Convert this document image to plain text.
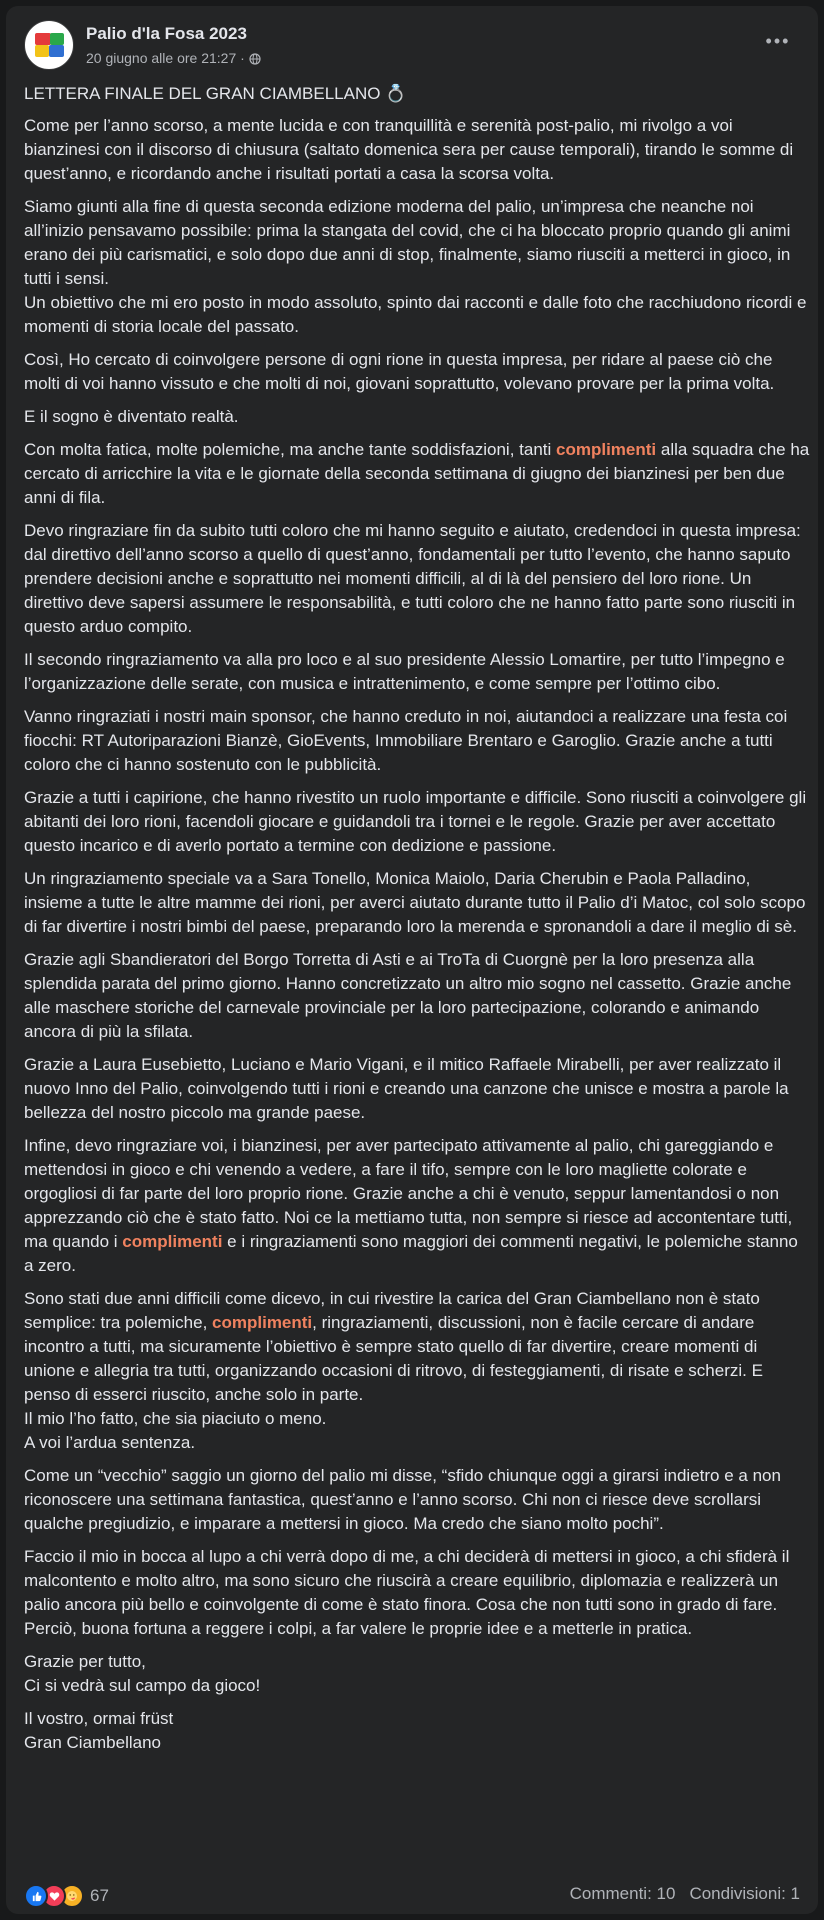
Palio d'la Fosa 2023
20 giugno alle ore 21:27 ·
•••

LETTERA FINALE DEL GRAN CIAMBELLANO 💍

Come per l’anno scorso, a mente lucida e con tranquillità e serenità post-palio, mi rivolgo a voi bianzinesi con il discorso di chiusura (saltato domenica sera per cause temporali), tirando le somme di quest’anno, e ricordando anche i risultati portati a casa la scorsa volta.

Siamo giunti alla fine di questa seconda edizione moderna del palio, un’impresa che neanche noi all’inizio pensavamo possibile: prima la stangata del covid, che ci ha bloccato proprio quando gli animi erano dei più carismatici, e solo dopo due anni di stop, finalmente, siamo riusciti a metterci in gioco, in tutti i sensi.
Un obiettivo che mi ero posto in modo assoluto, spinto dai racconti e dalle foto che racchiudono ricordi e momenti di storia locale del passato.

Così, Ho cercato di coinvolgere persone di ogni rione in questa impresa, per ridare al paese ciò che molti di voi hanno vissuto e che molti di noi, giovani soprattutto, volevano provare per la prima volta.

E il sogno è diventato realtà.

Con molta fatica, molte polemiche, ma anche tante soddisfazioni, tanti complimenti alla squadra che ha cercato di arricchire la vita e le giornate della seconda settimana di giugno dei bianzinesi per ben due anni di fila.

Devo ringraziare fin da subito tutti coloro che mi hanno seguito e aiutato, credendoci in questa impresa: dal direttivo dell’anno scorso a quello di quest’anno, fondamentali per tutto l’evento, che hanno saputo prendere decisioni anche e soprattutto nei momenti difficili, al di là del pensiero del loro rione. Un direttivo deve sapersi assumere le responsabilità, e tutti coloro che ne hanno fatto parte sono riusciti in questo arduo compito.

Il secondo ringraziamento va alla pro loco e al suo presidente Alessio Lomartire, per tutto l’impegno e l’organizzazione delle serate, con musica e intrattenimento, e come sempre per l’ottimo cibo.

Vanno ringraziati i nostri main sponsor, che hanno creduto in noi, aiutandoci a realizzare una festa coi fiocchi: RT Autoriparazioni Bianzè, GioEvents, Immobiliare Brentaro e Garoglio. Grazie anche a tutti coloro che ci hanno sostenuto con le pubblicità.

Grazie a tutti i capirione, che hanno rivestito un ruolo importante e difficile. Sono riusciti a coinvolgere gli abitanti dei loro rioni, facendoli giocare e guidandoli tra i tornei e le regole. Grazie per aver accettato questo incarico e di averlo portato a termine con dedizione e passione.

Un ringraziamento speciale va a Sara Tonello, Monica Maiolo, Daria Cherubin e Paola Palladino, insieme a tutte le altre mamme dei rioni, per averci aiutato durante tutto il Palio d’i Matoc, col solo scopo di far divertire i nostri bimbi del paese, preparando loro la merenda e spronandoli a dare il meglio di sè.

Grazie agli Sbandieratori del Borgo Torretta di Asti e ai TroTa di Cuorgnè per la loro presenza alla splendida parata del primo giorno. Hanno concretizzato un altro mio sogno nel cassetto. Grazie anche alle maschere storiche del carnevale provinciale per la loro partecipazione, colorando e animando ancora di più la sfilata.

Grazie a Laura Eusebietto, Luciano e Mario Vigani, e il mitico Raffaele Mirabelli, per aver realizzato il nuovo Inno del Palio, coinvolgendo tutti i rioni e creando una canzone che unisce e mostra a parole la bellezza del nostro piccolo ma grande paese.

Infine, devo ringraziare voi, i bianzinesi, per aver partecipato attivamente al palio, chi gareggiando e mettendosi in gioco e chi venendo a vedere, a fare il tifo, sempre con le loro magliette colorate e orgogliosi di far parte del loro proprio rione. Grazie anche a chi è venuto, seppur lamentandosi o non apprezzando ciò che è stato fatto. Noi ce la mettiamo tutta, non sempre si riesce ad accontentare tutti, ma quando i complimenti e i ringraziamenti sono maggiori dei commenti negativi, le polemiche stanno a zero.

Sono stati due anni difficili come dicevo, in cui rivestire la carica del Gran Ciambellano non è stato semplice: tra polemiche, complimenti, ringraziamenti, discussioni, non è facile cercare di andare incontro a tutti, ma sicuramente l’obiettivo è sempre stato quello di far divertire, creare momenti di unione e allegria tra tutti, organizzando occasioni di ritrovo, di festeggiamenti, di risate e scherzi. E penso di esserci riuscito, anche solo in parte.
Il mio l’ho fatto, che sia piaciuto o meno.
A voi l’ardua sentenza.

Come un “vecchio” saggio un giorno del palio mi disse, “sfido chiunque oggi a girarsi indietro e a non riconoscere una settimana fantastica, quest’anno e l’anno scorso. Chi non ci riesce deve scrollarsi qualche pregiudizio, e imparare a mettersi in gioco. Ma credo che siano molto pochi”.

Faccio il mio in bocca al lupo a chi verrà dopo di me, a chi deciderà di mettersi in gioco, a chi sfiderà il malcontento e molto altro, ma sono sicuro che riuscirà a creare equilibrio, diplomazia e realizzerà un palio ancora più bello e coinvolgente di come è stato finora. Cosa che non tutti sono in grado di fare.
Perciò, buona fortuna a reggere i colpi, a far valere le proprie idee e a metterle in pratica.

Grazie per tutto,
Ci si vedrà sul campo da gioco!

Il vostro, ormai früst
Gran Ciambellano

67	Commenti: 10 Condivisioni: 1
